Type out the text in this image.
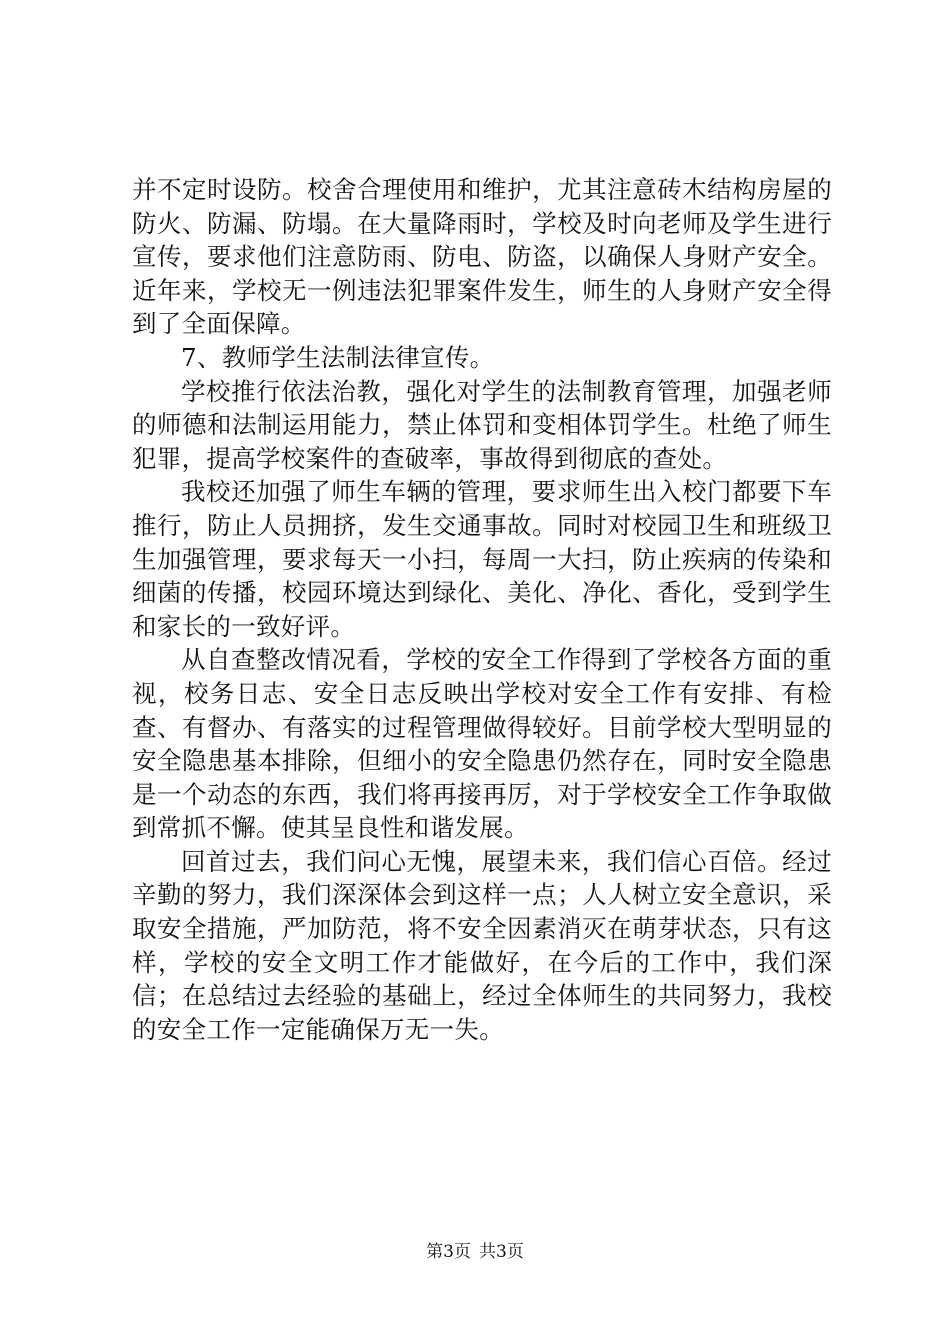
并不定时设防。校舍合理使用和维护，尤其注意砖木结构房屋的防火、防漏、防塌。在大量降雨时，学校及时向老师及学生进行宣传，要求他们注意防雨、防电、防盗，以确保人身财产安全。近年来，学校无一例违法犯罪案件发生，师生的人身财产安全得到了全面保障。

7、教师学生法制法律宣传。

学校推行依法治教，强化对学生的法制教育管理，加强老师的师德和法制运用能力，禁止体罚和变相体罚学生。杜绝了师生犯罪，提高学校案件的查破率，事故得到彻底的查处。

我校还加强了师生车辆的管理，要求师生出入校门都要下车推行，防止人员拥挤，发生交通事故。同时对校园卫生和班级卫生加强管理，要求每天一小扫，每周一大扫，防止疾病的传染和细菌的传播，校园环境达到绿化、美化、净化、香化，受到学生和家长的一致好评。

从自查整改情况看，学校的安全工作得到了学校各方面的重视，校务日志、安全日志反映出学校对安全工作有安排、有检查、有督办、有落实的过程管理做得较好。目前学校大型明显的安全隐患基本排除，但细小的安全隐患仍然存在，同时安全隐患是一个动态的东西，我们将再接再厉，对于学校安全工作争取做到常抓不懈。使其呈良性和谐发展。

回首过去，我们问心无愧，展望未来，我们信心百倍。经过辛勤的努力，我们深深体会到这样一点；人人树立安全意识，采取安全措施，严加防范，将不安全因素消灭在萌芽状态，只有这样，学校的安全文明工作才能做好，在今后的工作中，我们深信；在总结过去经验的基础上，经过全体师生的共同努力，我校的安全工作一定能确保万无一失。

第3页 共3页
